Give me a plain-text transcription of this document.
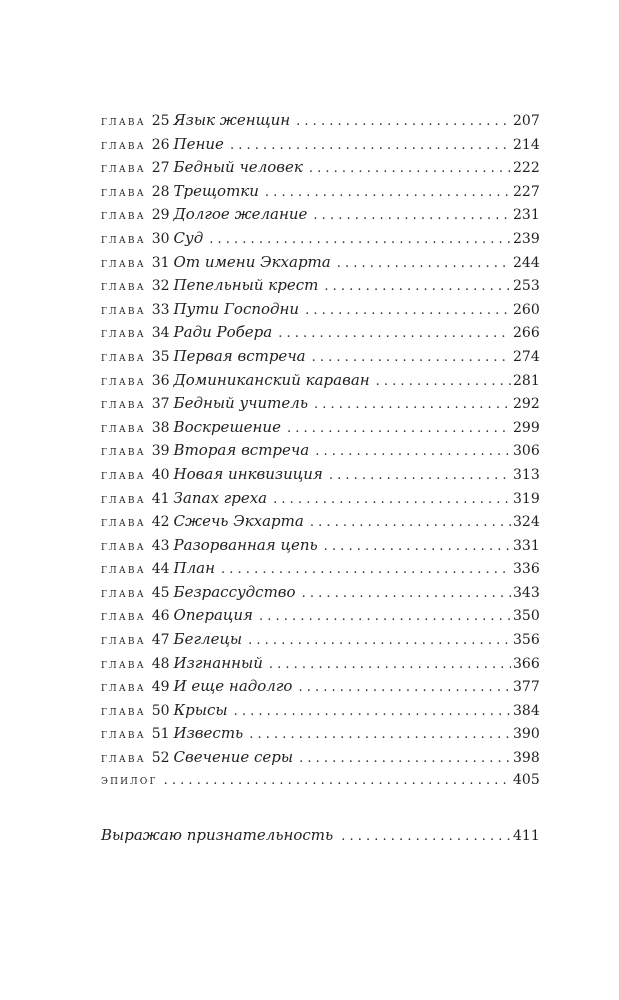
глава 25 Язык женщин . . .	207
глава 26 Пение . . .	214
глава 27 Бедный человек . . .	222
глава 28 Трещотки . . .	227
глава 29 Долгое желание . . .	231
глава 30 Суд . . .	239
глава 31 От имени Экхарта . . .	244
глава 32 Пепельный крест . . .	253
глава 33 Пути Господни . . .	260
глава 34 Ради Робера . . .	266
глава 35 Первая встреча . . .	274
глава 36 Доминиканский караван . . .	281
глава 37 Бедный учитель . . .	292
глава 38 Воскрешение . . .	299
глава 39 Вторая встреча . . .	306
глава 40 Новая инквизиция . . .	313
глава 41 Запах греха . . .	319
глава 42 Сжечь Экхарта . . .	324
глава 43 Разорванная цепь . . .	331
глава 44 План . . .	336
глава 45 Безрассудство . . .	343
глава 46 Операция . . .	350
глава 47 Беглецы . . .	356
глава 48 Изгнанный . . .	366
глава 49 И еще надолго . . .	377
глава 50 Крысы . . .	384
глава 51 Известь . . .	390
глава 52 Свечение серы . . .	398
эпилог . . .	405
Выражаю признательность . . .	411
